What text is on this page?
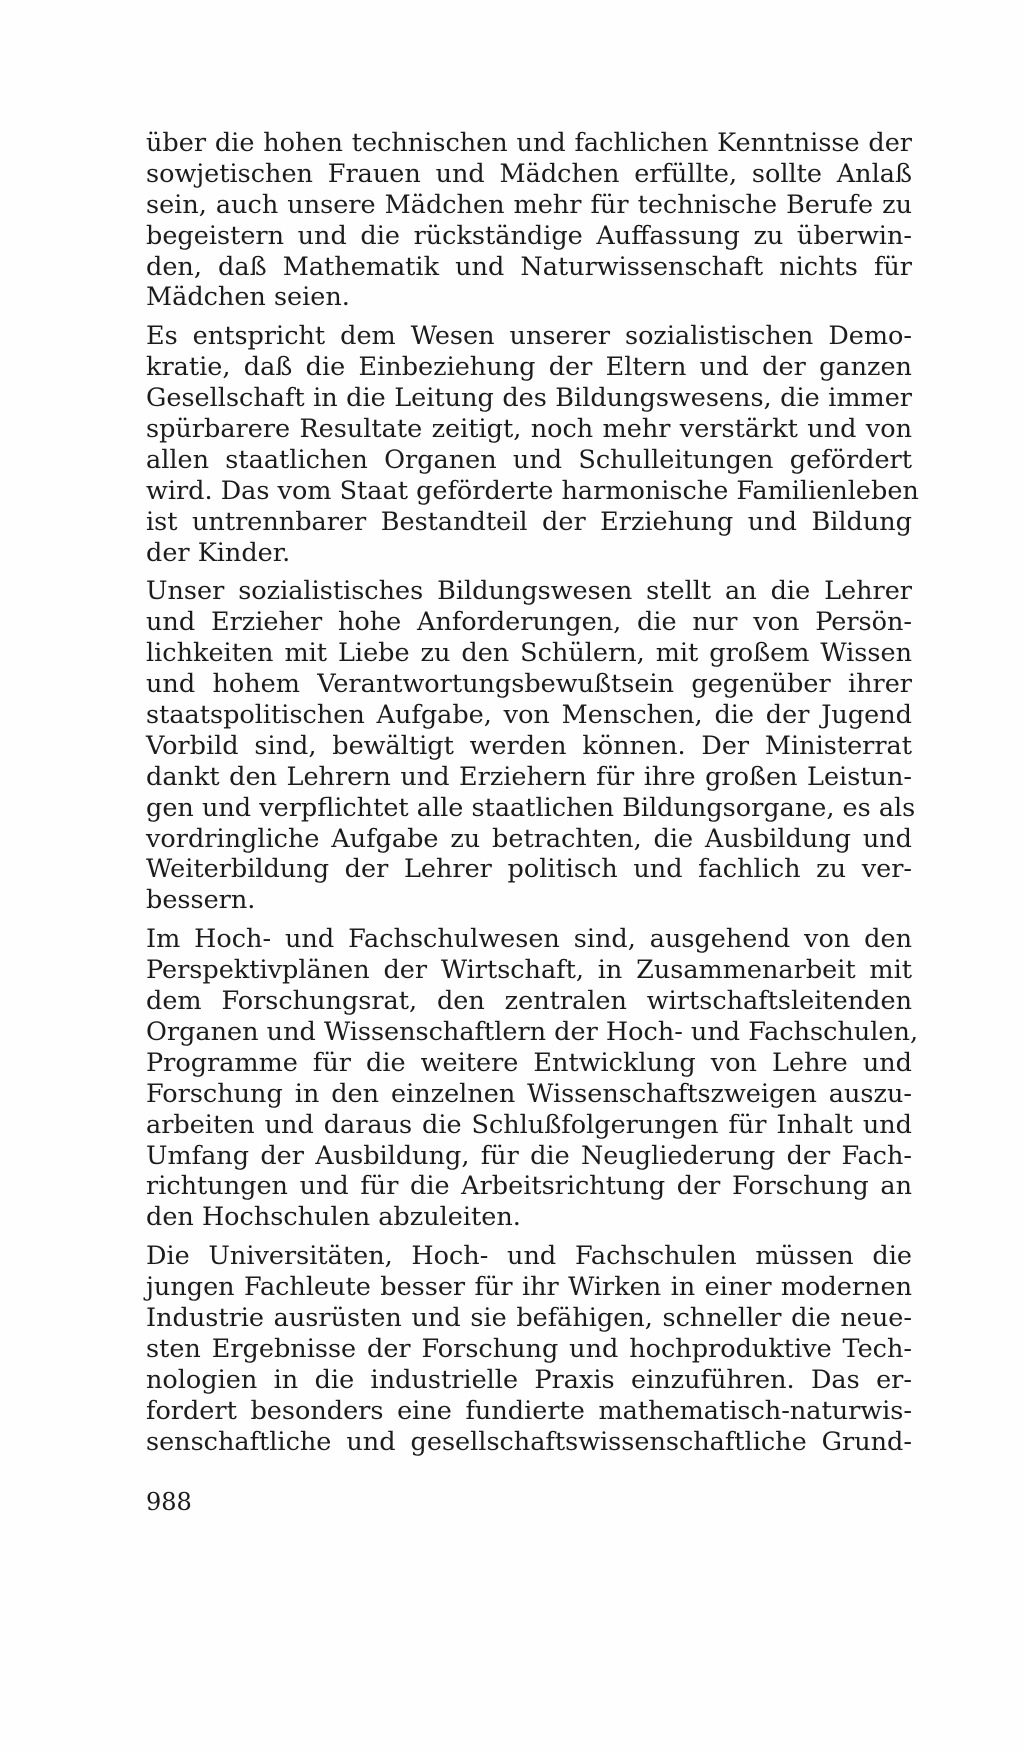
über die hohen technischen und fachlichen Kenntnisse der
sowjetischen Frauen und Mädchen erfüllte, sollte Anlaß
sein, auch unsere Mädchen mehr für technische Berufe zu
begeistern und die rückständige Auffassung zu überwin-
den, daß Mathematik und Naturwissenschaft nichts für
Mädchen seien.
Es entspricht dem Wesen unserer sozialistischen Demo-
kratie, daß die Einbeziehung der Eltern und der ganzen
Gesellschaft in die Leitung des Bildungswesens, die immer
spürbarere Resultate zeitigt, noch mehr verstärkt und von
allen staatlichen Organen und Schulleitungen gefördert
wird. Das vom Staat geförderte harmonische Familienleben
ist untrennbarer Bestandteil der Erziehung und Bildung
der Kinder.
Unser sozialistisches Bildungswesen stellt an die Lehrer
und Erzieher hohe Anforderungen, die nur von Persön-
lichkeiten mit Liebe zu den Schülern, mit großem Wissen
und hohem Verantwortungsbewußtsein gegenüber ihrer
staatspolitischen Aufgabe, von Menschen, die der Jugend
Vorbild sind, bewältigt werden können. Der Ministerrat
dankt den Lehrern und Erziehern für ihre großen Leistun-
gen und verpflichtet alle staatlichen Bildungsorgane, es als
vordringliche Aufgabe zu betrachten, die Ausbildung und
Weiterbildung der Lehrer politisch und fachlich zu ver-
bessern.
Im Hoch- und Fachschulwesen sind, ausgehend von den
Perspektivplänen der Wirtschaft, in Zusammenarbeit mit
dem Forschungsrat, den zentralen wirtschaftsleitenden
Organen und Wissenschaftlern der Hoch- und Fachschulen,
Programme für die weitere Entwicklung von Lehre und
Forschung in den einzelnen Wissenschaftszweigen auszu-
arbeiten und daraus die Schlußfolgerungen für Inhalt und
Umfang der Ausbildung, für die Neugliederung der Fach-
richtungen und für die Arbeitsrichtung der Forschung an
den Hochschulen abzuleiten.
Die Universitäten, Hoch- und Fachschulen müssen die
jungen Fachleute besser für ihr Wirken in einer modernen
Industrie ausrüsten und sie befähigen, schneller die neue-
sten Ergebnisse der Forschung und hochproduktive Tech-
nologien in die industrielle Praxis einzuführen. Das er-
fordert besonders eine fundierte mathematisch-naturwis-
senschaftliche und gesellschaftswissenschaftliche Grund-
988
